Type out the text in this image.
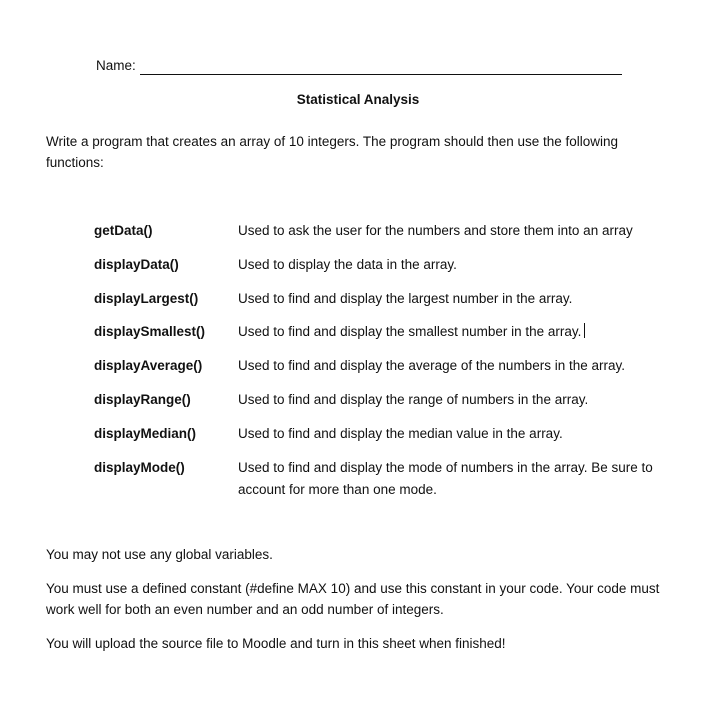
Name:
Statistical Analysis
Write a program that creates an array of 10 integers. The program should then use the following functions:
getData()	Used to ask the user for the numbers and store them into an array
displayData()	Used to display the data in the array.
displayLargest()	Used to find and display the largest number in the array.
displaySmallest()	Used to find and display the smallest number in the array.
displayAverage()	Used to find and display the average of the numbers in the array.
displayRange()	Used to find and display the range of numbers in the array.
displayMedian()	Used to find and display the median value in the array.
displayMode()	Used to find and display the mode of numbers in the array. Be sure to account for more than one mode.
You may not use any global variables.
You must use a defined constant (#define MAX 10) and use this constant in your code. Your code must work well for both an even number and an odd number of integers.
You will upload the source file to Moodle and turn in this sheet when finished!
